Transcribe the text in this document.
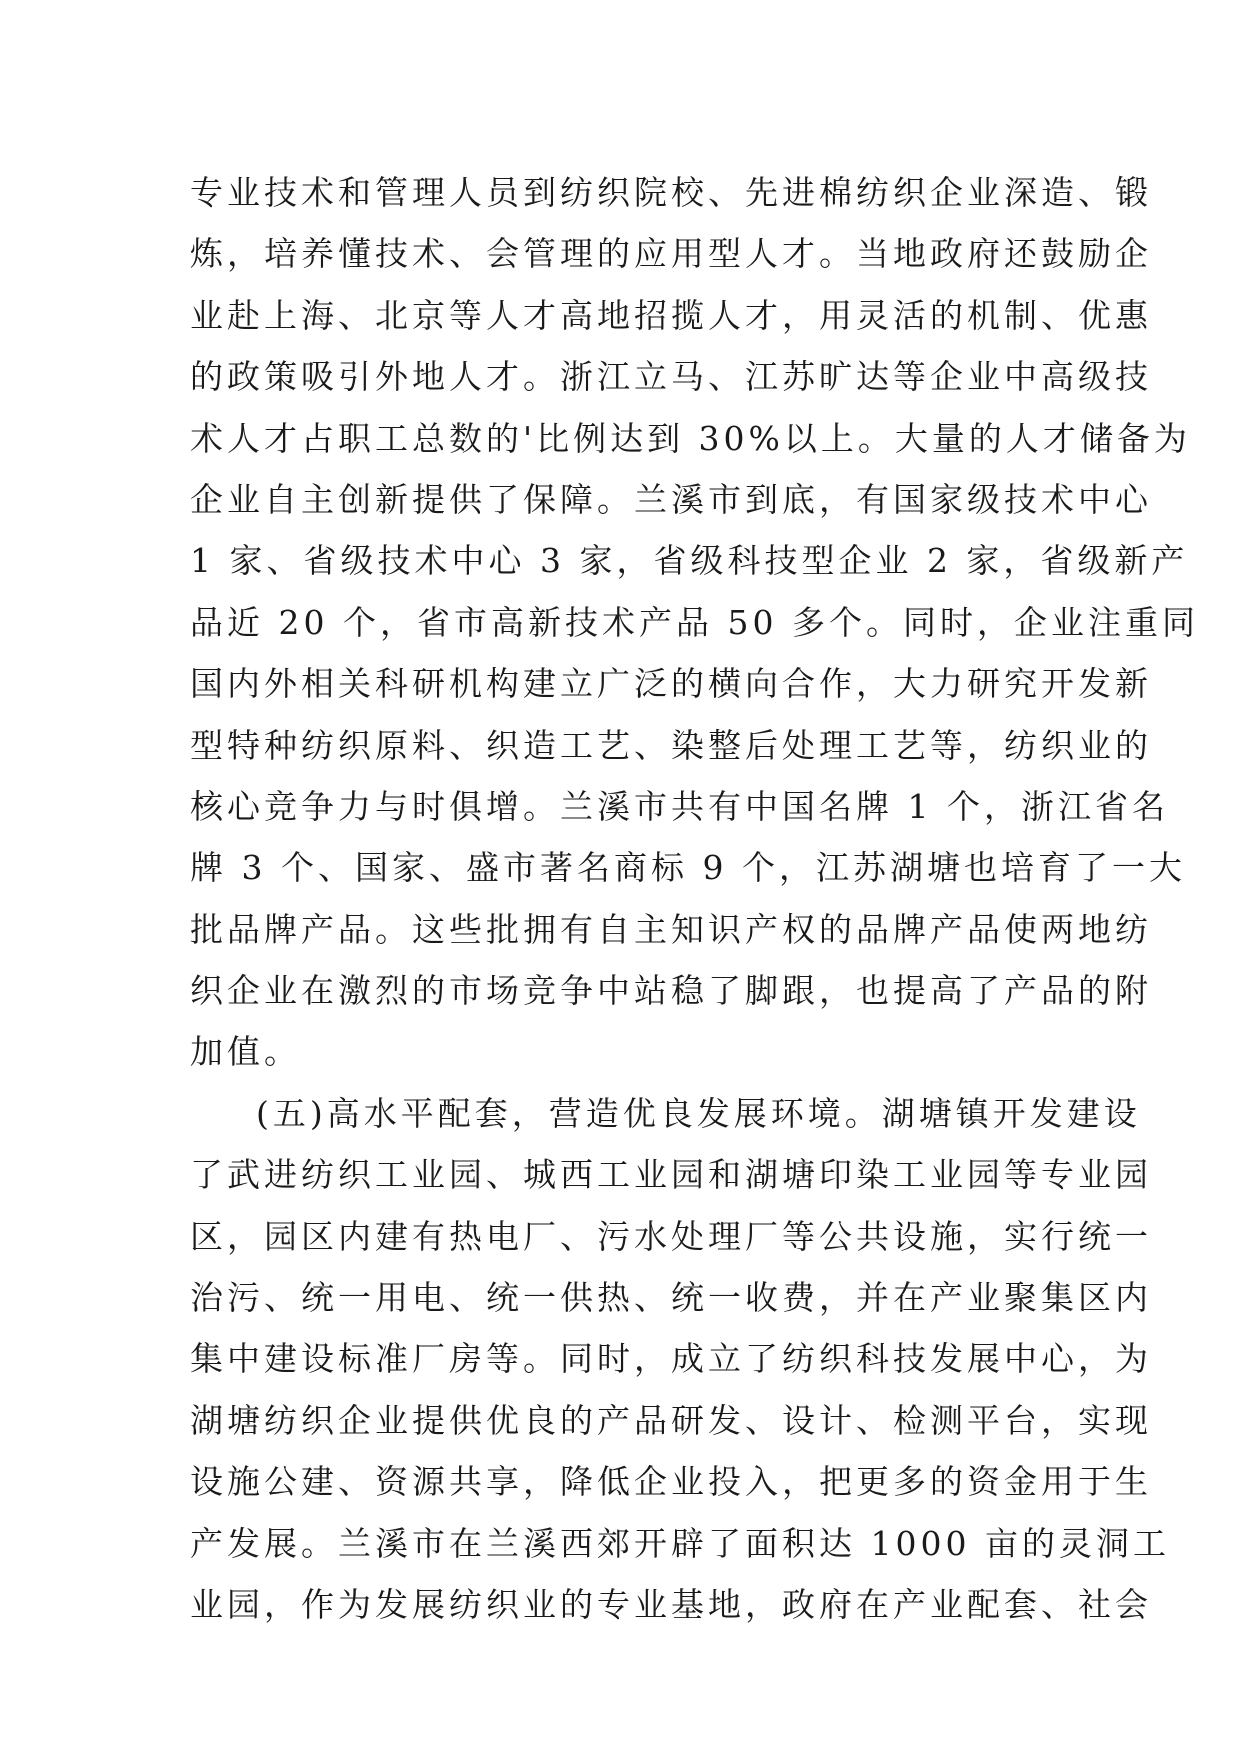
专业技术和管理人员到纺织院校、先进棉纺织企业深造、锻
炼，培养懂技术、会管理的应用型人才。当地政府还鼓励企
业赴上海、北京等人才高地招揽人才，用灵活的机制、优惠
的政策吸引外地人才。浙江立马、江苏旷达等企业中高级技
术人才占职工总数的'比例达到 30%以上。大量的人才储备为
企业自主创新提供了保障。兰溪市到底，有国家级技术中心
1 家、省级技术中心 3 家，省级科技型企业 2 家，省级新产
品近 20 个，省市高新技术产品 50 多个。同时，企业注重同
国内外相关科研机构建立广泛的横向合作，大力研究开发新
型特种纺织原料、织造工艺、染整后处理工艺等，纺织业的
核心竞争力与时俱增。兰溪市共有中国名牌 1 个，浙江省名
牌 3 个、国家、盛市著名商标 9 个，江苏湖塘也培育了一大
批品牌产品。这些批拥有自主知识产权的品牌产品使两地纺
织企业在激烈的市场竞争中站稳了脚跟，也提高了产品的附
加值。
(五)高水平配套，营造优良发展环境。湖塘镇开发建设
了武进纺织工业园、城西工业园和湖塘印染工业园等专业园
区，园区内建有热电厂、污水处理厂等公共设施，实行统一
治污、统一用电、统一供热、统一收费，并在产业聚集区内
集中建设标准厂房等。同时，成立了纺织科技发展中心，为
湖塘纺织企业提供优良的产品研发、设计、检测平台，实现
设施公建、资源共享，降低企业投入，把更多的资金用于生
产发展。兰溪市在兰溪西郊开辟了面积达 1000 亩的灵洞工
业园，作为发展纺织业的专业基地，政府在产业配套、社会
